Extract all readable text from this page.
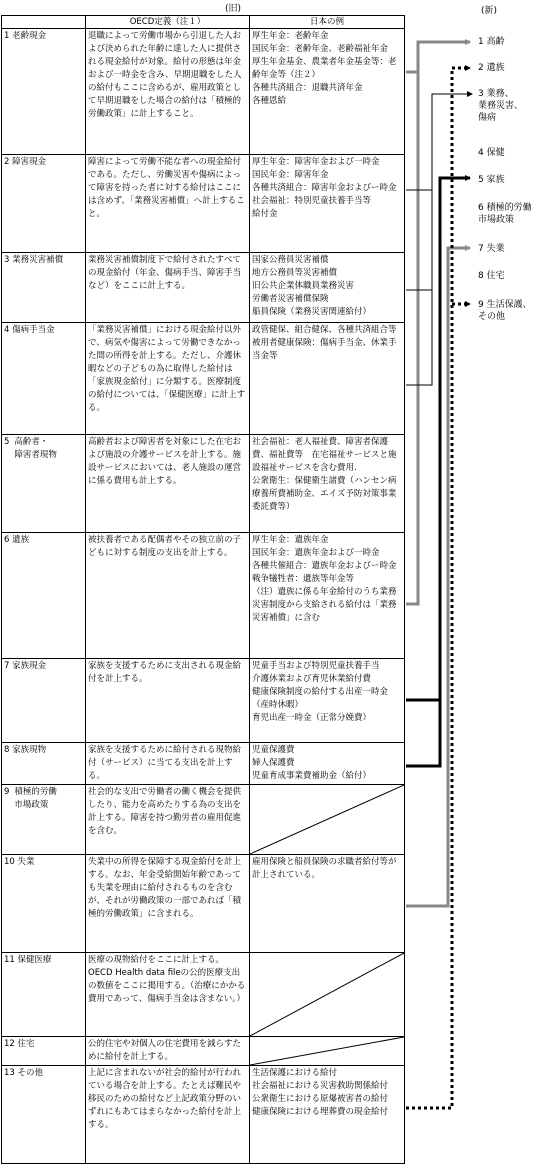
(旧)	(新)
	OECD定義（注１）	日本の例
1 老齢現金	退職によって労働市場から引退した人および決められた年齢に達した人に提供される現金給付が対象。給付の形態は年金および一時金を含み、早期退職をした人の給付もここに含めるが、雇用政策として早期退職をした場合の給付は「積極的労働政策」に計上すること。	厚生年金：老齢年金
国民年金：老齢年金、老齢福祉年金
厚生年金基金、農業者年金基金等：老齢年金等（注２）
各種共済組合：退職共済年金
各種恩給
2 障害現金	障害によって労働不能な者への現金給付である。ただし、労働災害や傷病によって障害を持った者に対する給付はここには含めず、「業務災害補償」へ計上すること。	厚生年金：障害年金および一時金
国民年金：障害年金
各種共済組合：障害年金およびー時金
社会福祉：特別児童扶養手当等
給付金
3 業務災害補償	業務災害補償制度下で給付されたすべての現金給付（年金、傷病手当、障害手当など）をここに計上する。	国家公務員災害補償
地方公務員等災害補償
旧公共企業体職員業務災害
労働者災害補償保険
船員保険（業務災害関連給付）
4 傷病手当金	「業務災害補償」における現金給付以外で、病気や傷害によって労働できなかった間の所得を計上する。ただし、介護休暇などの子どもの為に取得した給付は「家族現金給付」に分類する。医療制度の給付については、「保健医療」に計上する。	政管健保、組合健保、各種共済組合等被用者健康保険：傷病手当金、休業手当金等

5 高齢者・
障害者現物	高齢者および障害者を対象にした在宅および施設の介護サービスを計上する。施設サービスにおいては、老人施設の運営に係る費用も計上する。	社会福祉：老人福祉費、障害者保護費、福祉費等　在宅福祉サービスと施設福祉サービスを含む費用.
公衆衛生：保健衛生諸費（ハンセン病療養所費補助金、エイズ予防対策事業委託費等）
6 遺族	被扶養者である配偶者やその独立前の子どもに対する制度の支出を計上する。	厚生年金：遺族年金
国民年金：遺族年金および一時金
各種共催組合：遺族年金およびー時金
戦争犠牲者：遺族等年金等
（注）遺族に係る年金給付のうち業務災害制度から支給される給付は「業務災害補償」に含む
7 家族現金	家族を支援するために支出される現金給付を計上する。	児童手当および特別児童扶養手当
介護休業および育児休業給付費
健康保険制度の給付する出産一時金（産時休暇）
育児出産一時金（正常分娩費）
8 家族現物	家族を支援するために給付される現物給付（サービス）に当てる支出を計上する。	児童保護費
婦人保護費
児童育成事業費補助金（給付）

9 積極的労働
市場政策	社会的な支出で労働者の働く機会を提供したり、能力を高めたりする為の支出を計上する。障害を持つ勤労者の雇用促進を含む。	

10 失業	失業中の所得を保障する現金給付を計上する。なお、年金受給開始年齢であっても失業を理由に給付されるものを含むが、それが労働政策の一部であれば「積極的労働政策」に含まれる。	雇用保険と船員保険の求職者給付等が計上されている。
11 保健医療	医療の現物給付をここに計上する。OECD Health data fileの公的医療支出の数値をここに掲用する。（治療にかかる費用であって、傷病手当金は含まない。）	

12 住宅	公的住宅や対個人の住宅費用を減らすために給付を計上する。	

13 その他	上記に含まれないが社会的給付が行われている場合を計上する。たとえば難民や移民のための給付など上記政策分野のいずれにもあてはまらなかった給付を計上する。	生活保護における給付
社会福祉における災害救助関係給付
公衆衛生における原爆被害者の給付
健康保険における埋葬費の現金給付
1 高齢
2 遺族
3 業務、
業務災害、
傷病
4 保健
5 家族
6 積極的労働
市場政策
7 失業
8 住宅
9 生活保護、
その他
